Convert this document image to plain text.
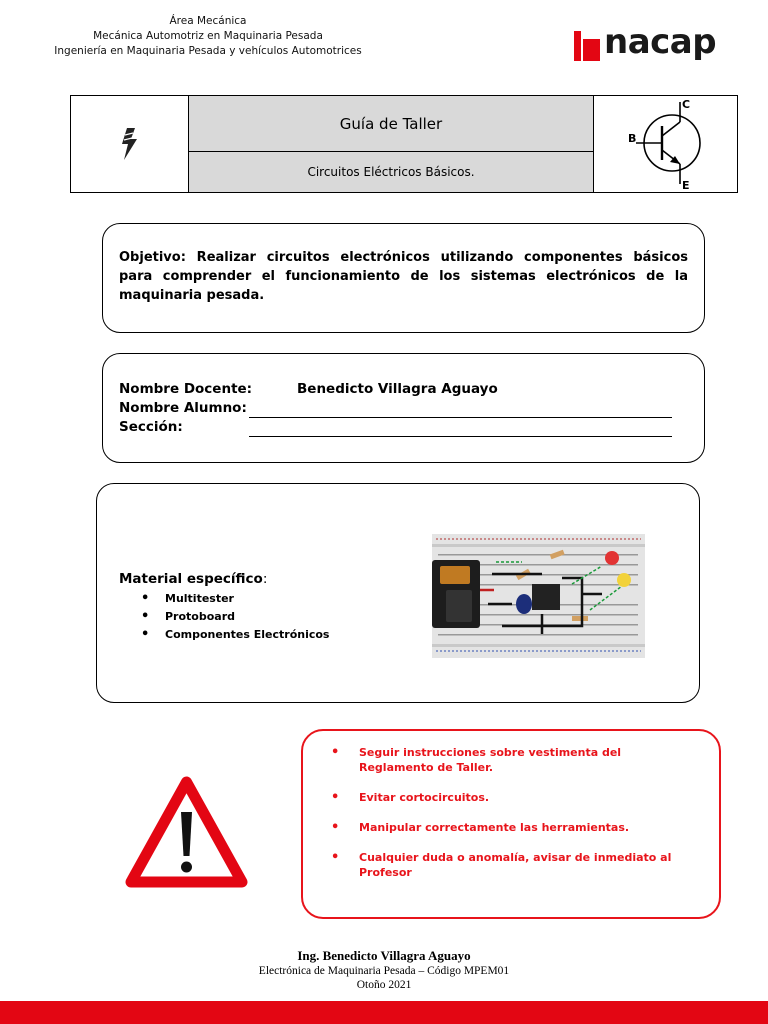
Área Mecánica
Mecánica Automotriz en Maquinaria Pesada
Ingeniería en Maquinaria Pesada y vehículos Automotrices	nacap
Guía de Taller
Circuitos Eléctricos Básicos.
C
B
E
Objetivo: Realizar circuitos electrónicos utilizando componentes básicos para comprender el funcionamiento de los sistemas electrónicos de la maquinaria pesada.
Nombre Docente:	Benedicto Villagra Aguayo
Nombre Alumno:
Sección:
Material específico:
• Multitester
• Protoboard
• Componentes Electrónicos
• Seguir instrucciones sobre vestimenta del Reglamento de Taller.
• Evitar cortocircuitos.
• Manipular correctamente las herramientas.
• Cualquier duda o anomalía, avisar de inmediato al Profesor
Ing. Benedicto Villagra Aguayo
Electrónica de Maquinaria Pesada – Código MPEM01
Otoño 2021
